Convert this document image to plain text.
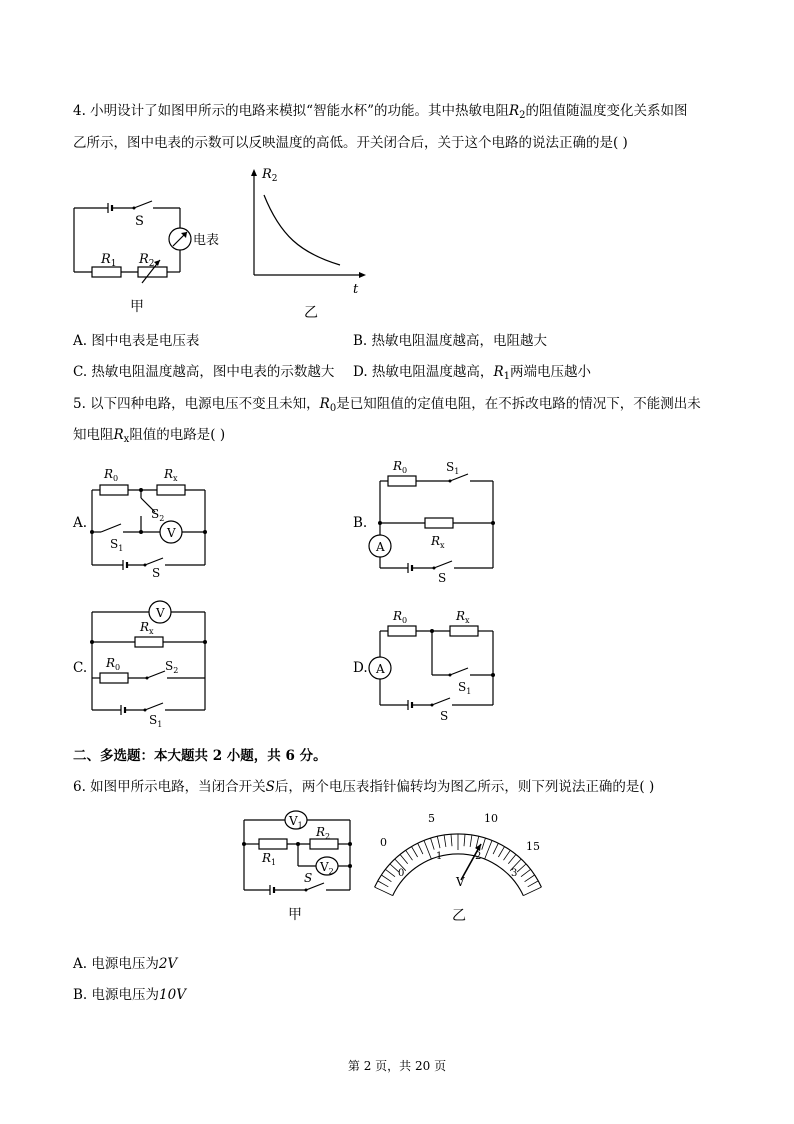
4. 小明设计了如图甲所示的电路来模拟“智能水杯”的功能。其中热敏电阻$R_2$的阻值随温度变化关系如图
乙所示，图中电表的示数可以反映温度的高低。开关闭合后，关于这个电路的说法正确的是( )
S
电表
$R_1$ $R_2$
甲
$R_2$
t
乙
A. 图中电表是电压表	B. 热敏电阻温度越高，电阻越大
C. 热敏电阻温度越高，图中电表的示数越大 D. 热敏电阻温度越高，$R_1$两端电压越小
5. 以下四种电路，电源电压不变且未知，$R_0$是已知阻值的定值电阻，在不拆改电路的情况下，不能测出未
知电阻$R_x$阻值的电路是( )
A.
V
$R_0$	$R_x$
$S_2$
$S_1$
S
B.
A
$R_0$	$S_1$
$R_x$
S
C.
V
$R_x$
$R_0$	$S_2$
$S_1$
D. A
$R_0$	$R_x$
$S_1$
S
二、多选题：本大题共 2 小题，共 6 分。
6. 如图甲所示电路，当闭合开关S后，两个电压表指针偏转均为图乙所示，则下列说法正确的是( )
$V_1$
$V_2$
$R_2$
$R_1$
S
甲
0
5	10
15
0
1	2
3
V
乙
A. 电源电压为2V
B. 电源电压为10V
第 2 页，共 20 页
